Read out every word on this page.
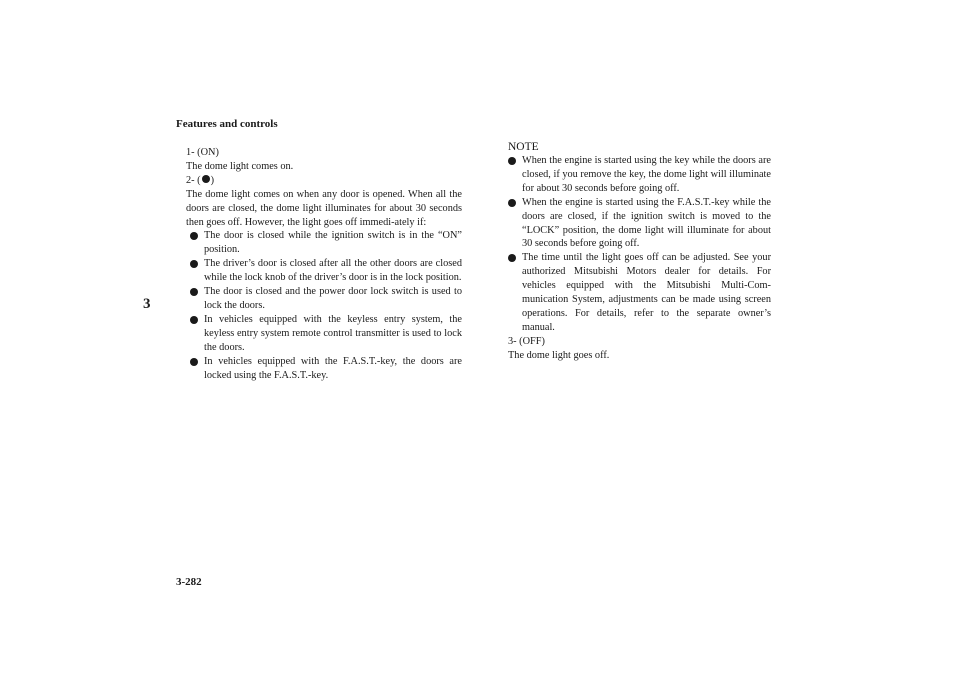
Features and controls
3

1- (ON)

The dome light comes on.

2- ( )

The dome light comes on when any door is opened. When all the doors are closed, the dome light illuminates for about 30 seconds then goes off. However, the light goes off immedi-ately if:

The door is closed while the ignition switch is in the “ON” position.
The driver’s door is closed after all the other doors are closed while the lock knob of the driver’s door is in the lock position.
The door is closed and the power door lock switch is used to lock the doors.
In vehicles equipped with the keyless entry system, the keyless entry system remote control transmitter is used to lock the doors.
In vehicles equipped with the F.A.S.T.-key, the doors are locked using the F.A.S.T.-key.

NOTE

When the engine is started using the key while the doors are closed, if you remove the key, the dome light will illuminate for about 30 seconds before going off.
When the engine is started using the F.A.S.T.-key while the doors are closed, if the ignition switch is moved to the “LOCK” position, the dome light will illuminate for about 30 seconds before going off.
The time until the light goes off can be adjusted. See your authorized Mitsubishi Motors dealer for details. For vehicles equipped with the Mitsubishi Multi-Com-munication System, adjustments can be made using screen operations. For details, refer to the separate owner’s manual.

3- (OFF)

The dome light goes off.

3-282
